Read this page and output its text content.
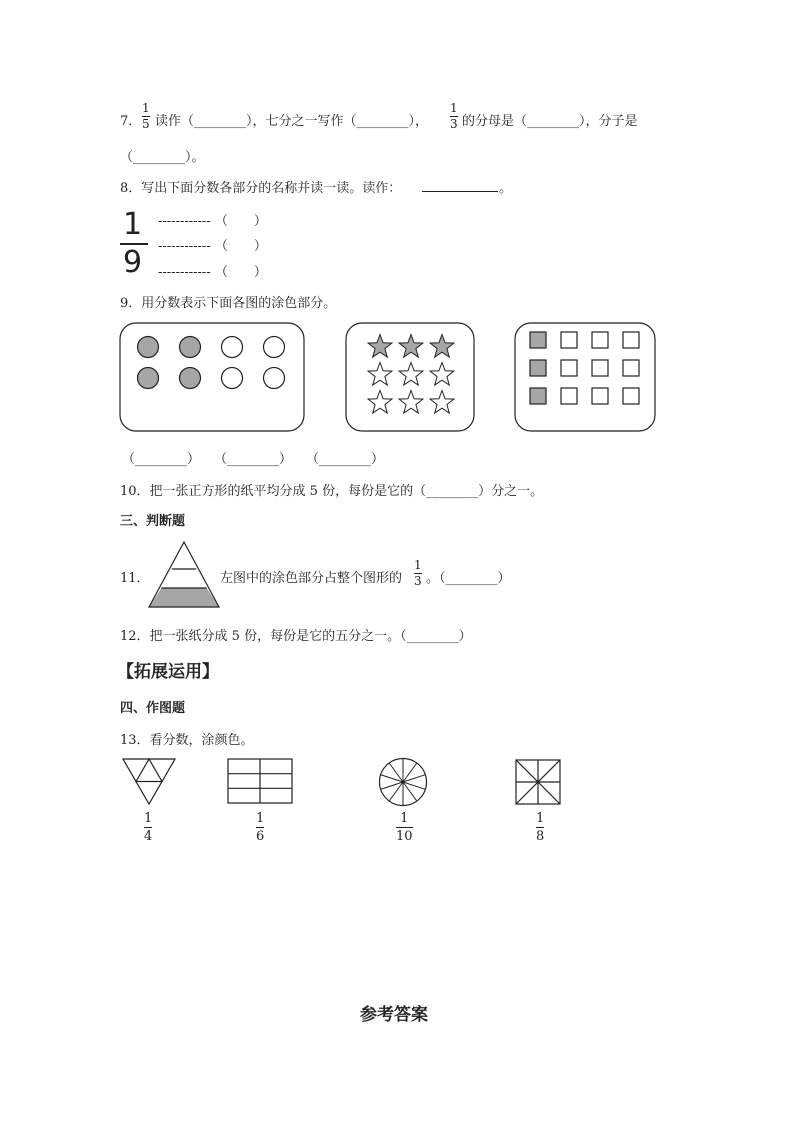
7．
1
5 读作（________），七分之一写作（________），
1
3 的分母是（________），分子是
（________）。
8．写出下面分数各部分的名称并读一读。读作：	。
1
9
------------ （　　）
------------ （　　）
------------ （　　）
9．用分数表示下面各图的涂色部分。
（________） （________） （________）
10．把一张正方形的纸平均分成 5 份，每份是它的（________）分之一。
三、判断题
11．	左图中的涂色部分占整个图形的
1
3 。（________）
12．把一张纸分成 5 份，每份是它的五分之一。（________）
【拓展运用】
四、作图题
13．看分数，涂颜色。
1
4
1
6
1
10
1
8
参考答案
